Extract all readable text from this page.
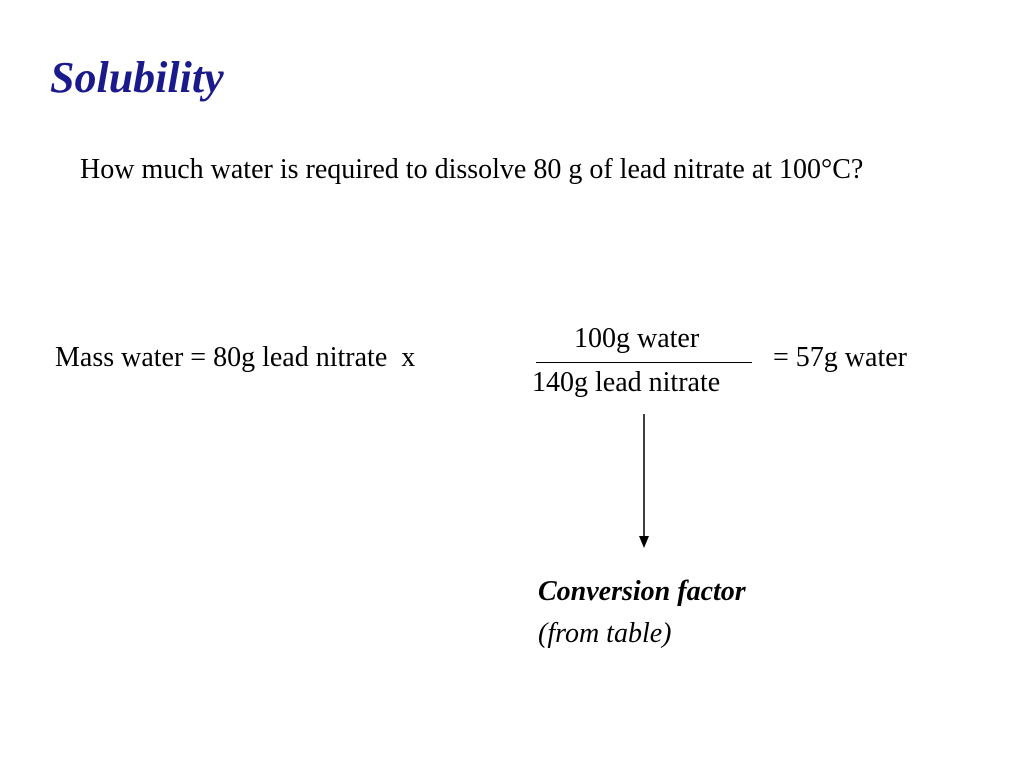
Solubility
How much water is required to dissolve 80 g of lead nitrate at 100°C?
Mass water = 80g lead nitrate  x
100g water
140g lead nitrate
= 57g water
Conversion factor
(from table)
